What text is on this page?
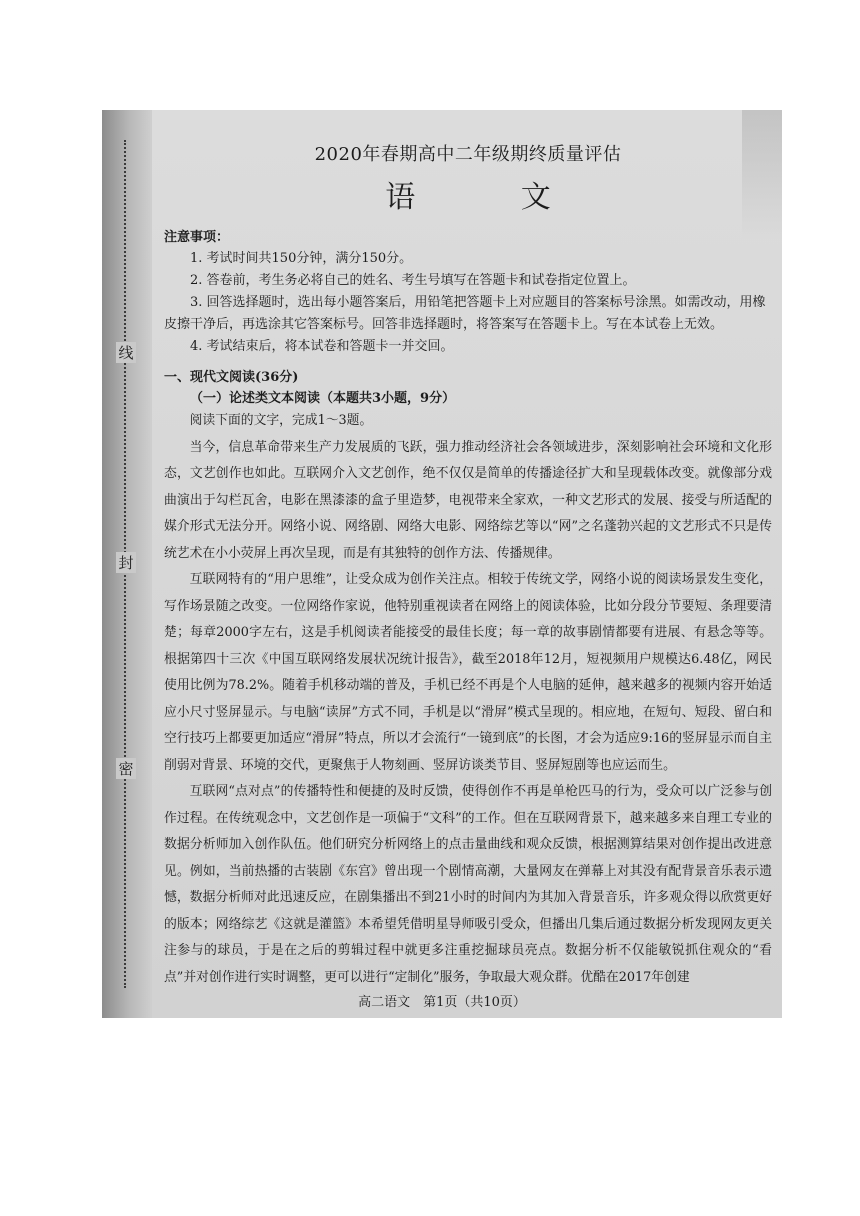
线
封
密
2020年春期高中二年级期终质量评估
语 文
注意事项：

1. 考试时间共150分钟，满分150分。

2. 答卷前，考生务必将自己的姓名、考生号填写在答题卡和试卷指定位置上。

3. 回答选择题时，选出每小题答案后，用铅笔把答题卡上对应题目的答案标号涂黑。如需改动，用橡皮擦干净后，再选涂其它答案标号。回答非选择题时，将答案写在答题卡上。写在本试卷上无效。

4. 考试结束后，将本试卷和答题卡一并交回。

一、现代文阅读(36分)
（一）论述类文本阅读（本题共3小题，9分）

阅读下面的文字，完成1～3题。

当今，信息革命带来生产力发展质的飞跃，强力推动经济社会各领域进步，深刻影响社会环境和文化形态，文艺创作也如此。互联网介入文艺创作，绝不仅仅是简单的传播途径扩大和呈现载体改变。就像部分戏曲演出于勾栏瓦舍，电影在黑漆漆的盒子里造梦，电视带来全家欢，一种文艺形式的发展、接受与所适配的媒介形式无法分开。网络小说、网络剧、网络大电影、网络综艺等以“网”之名蓬勃兴起的文艺形式不只是传统艺术在小小荧屏上再次呈现，而是有其独特的创作方法、传播规律。

互联网特有的“用户思维”，让受众成为创作关注点。相较于传统文学，网络小说的阅读场景发生变化，写作场景随之改变。一位网络作家说，他特别重视读者在网络上的阅读体验，比如分段分节要短、条理要清楚；每章2000字左右，这是手机阅读者能接受的最佳长度；每一章的故事剧情都要有进展、有悬念等等。根据第四十三次《中国互联网络发展状况统计报告》，截至2018年12月，短视频用户规模达6.48亿，网民使用比例为78.2%。随着手机移动端的普及，手机已经不再是个人电脑的延伸，越来越多的视频内容开始适应小尺寸竖屏显示。与电脑“读屏”方式不同，手机是以“滑屏”模式呈现的。相应地，在短句、短段、留白和空行技巧上都要更加适应“滑屏”特点，所以才会流行“一镜到底”的长图，才会为适应9:16的竖屏显示而自主削弱对背景、环境的交代，更聚焦于人物刻画、竖屏访谈类节目、竖屏短剧等也应运而生。

互联网“点对点”的传播特性和便捷的及时反馈，使得创作不再是单枪匹马的行为，受众可以广泛参与创作过程。在传统观念中，文艺创作是一项偏于“文科”的工作。但在互联网背景下，越来越多来自理工专业的数据分析师加入创作队伍。他们研究分析网络上的点击量曲线和观众反馈，根据测算结果对创作提出改进意见。例如，当前热播的古装剧《东宫》曾出现一个剧情高潮，大量网友在弹幕上对其没有配背景音乐表示遗憾，数据分析师对此迅速反应，在剧集播出不到21小时的时间内为其加入背景音乐，许多观众得以欣赏更好的版本；网络综艺《这就是灌篮》本希望凭借明星导师吸引受众，但播出几集后通过数据分析发现网友更关注参与的球员，于是在之后的剪辑过程中就更多注重挖掘球员亮点。数据分析不仅能敏锐抓住观众的“看点”并对创作进行实时调整，更可以进行“定制化”服务，争取最大观众群。优酷在2017年创建

高二语文　第1页（共10页）
